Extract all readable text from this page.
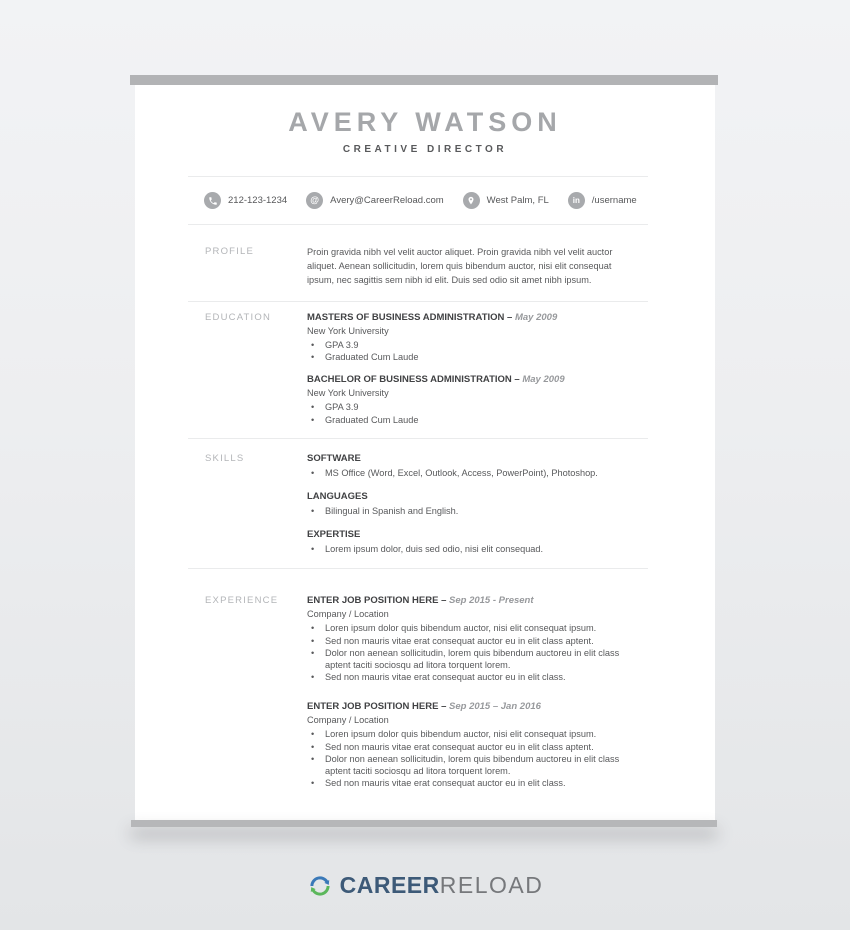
AVERY WATSON
CREATIVE DIRECTOR
212-123-1234	@ Avery@CareerReload.com	West Palm, FL	in /username
PROFILE	Proin gravida nibh vel velit auctor aliquet. Proin gravida nibh vel velit auctor aliquet. Aenean sollicitudin, lorem quis bibendum auctor, nisi elit consequat ipsum, nec sagittis sem nibh id elit. Duis sed odio sit amet nibh ipsum.

EDUCATION	MASTERS OF BUSINESS ADMINISTRATION – May 2009
New York University
• GPA 3.9
• Graduated Cum Laude
BACHELOR OF BUSINESS ADMINISTRATION – May 2009
New York University
• GPA 3.9
• Graduated Cum Laude
SKILLS	SOFTWARE
• MS Office (Word, Excel, Outlook, Access, PowerPoint), Photoshop.
LANGUAGES
• Bilingual in Spanish and English.
EXPERTISE
• Lorem ipsum dolor, duis sed odio, nisi elit consequad.
EXPERIENCE	ENTER JOB POSITION HERE – Sep 2015 - Present
Company / Location
• Loren ipsum dolor quis bibendum auctor, nisi elit consequat ipsum.
• Sed non mauris vitae erat consequat auctor eu in elit class aptent.
• Dolor non aenean sollicitudin, lorem quis bibendum auctoreu in elit class aptent taciti sociosqu ad litora torquent lorem.
• Sed non mauris vitae erat consequat auctor eu in elit class.
ENTER JOB POSITION HERE – Sep 2015 – Jan 2016
Company / Location
• Loren ipsum dolor quis bibendum auctor, nisi elit consequat ipsum.
• Sed non mauris vitae erat consequat auctor eu in elit class aptent.
• Dolor non aenean sollicitudin, lorem quis bibendum auctoreu in elit class aptent taciti sociosqu ad litora torquent lorem.
• Sed non mauris vitae erat consequat auctor eu in elit class.
CAREERRELOAD
